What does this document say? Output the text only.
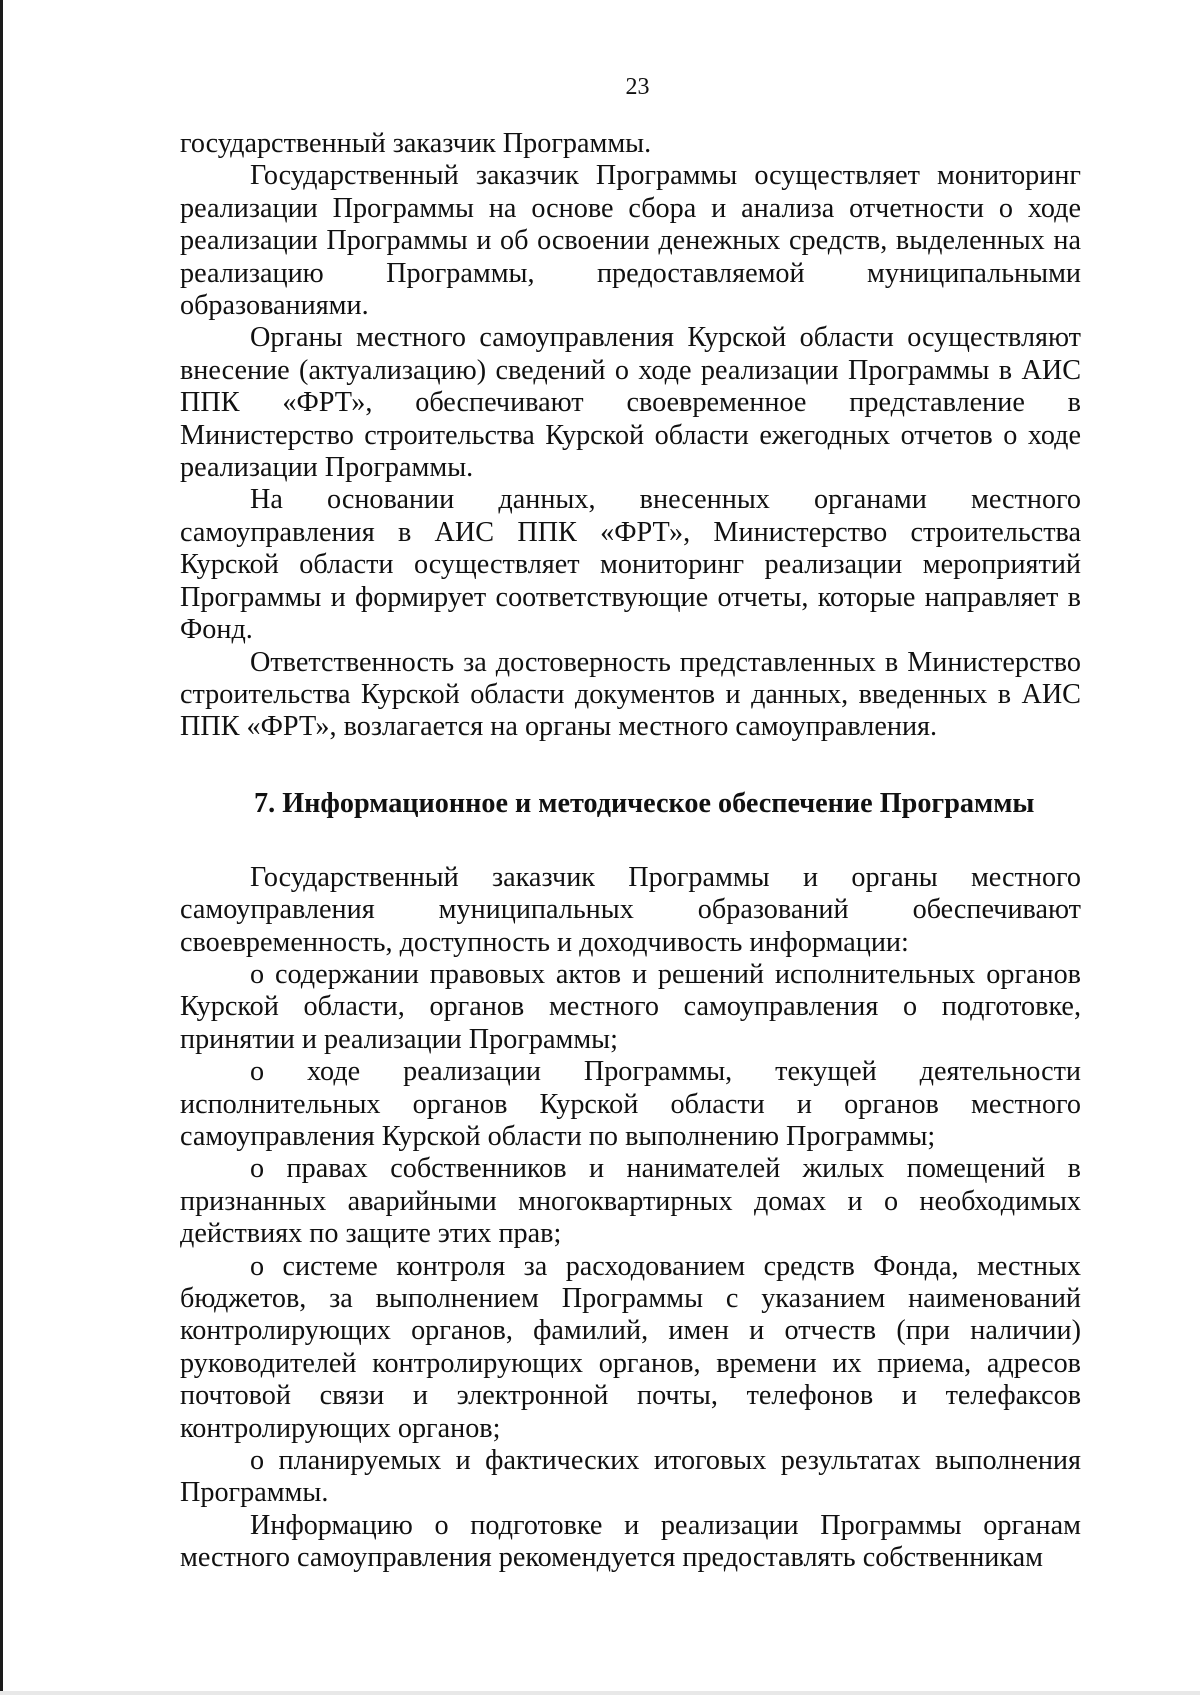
23

государственный заказчик Программы.

Государственный заказчик Программы осуществляет мониторинг реализации Программы на основе сбора и анализа отчетности о ходе реализации Программы и об освоении денежных средств, выделенных на реализацию Программы, предоставляемой муниципальными образованиями.

Органы местного самоуправления Курской области осуществляют внесение (актуализацию) сведений о ходе реализации Программы в АИС ППК «ФРТ», обеспечивают своевременное представление в Министерство строительства Курской области ежегодных отчетов о ходе реализации Программы.

На основании данных, внесенных органами местного самоуправления в АИС ППК «ФРТ», Министерство строительства Курской области осуществляет мониторинг реализации мероприятий Программы и формирует соответствующие отчеты, которые направляет в Фонд.

Ответственность за достоверность представленных в Министерство строительства Курской области документов и данных, введенных в АИС ППК «ФРТ», возлагается на органы местного самоуправления.

7. Информационное и методическое обеспечение Программы

Государственный заказчик Программы и органы местного самоуправления муниципальных образований обеспечивают своевременность, доступность и доходчивость информации:

о содержании правовых актов и решений исполнительных органов Курской области, органов местного самоуправления о подготовке, принятии и реализации Программы;

о ходе реализации Программы, текущей деятельности исполнительных органов Курской области и органов местного самоуправления Курской области по выполнению Программы;

о правах собственников и нанимателей жилых помещений в признанных аварийными многоквартирных домах и о необходимых действиях по защите этих прав;

о системе контроля за расходованием средств Фонда, местных бюджетов, за выполнением Программы с указанием наименований контролирующих органов, фамилий, имен и отчеств (при наличии) руководителей контролирующих органов, времени их приема, адресов почтовой связи и электронной почты, телефонов и телефаксов контролирующих органов;

о планируемых и фактических итоговых результатах выполнения Программы.

Информацию о подготовке и реализации Программы органам местного самоуправления рекомендуется предоставлять собственникам
